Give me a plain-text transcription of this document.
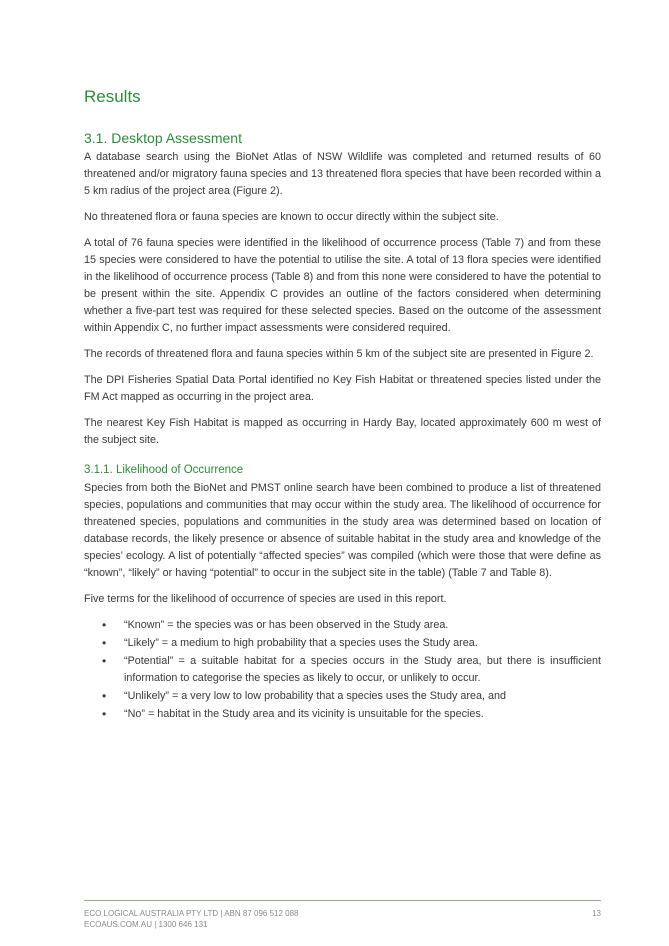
Results
3.1. Desktop Assessment

A database search using the BioNet Atlas of NSW Wildlife was completed and returned results of 60 threatened and/or migratory fauna species and 13 threatened flora species that have been recorded within a 5 km radius of the project area (Figure 2).

No threatened flora or fauna species are known to occur directly within the subject site.

A total of 76 fauna species were identified in the likelihood of occurrence process (Table 7) and from these 15 species were considered to have the potential to utilise the site. A total of 13 flora species were identified in the likelihood of occurrence process (Table 8) and from this none were considered to have the potential to be present within the site. Appendix C provides an outline of the factors considered when determining whether a five-part test was required for these selected species. Based on the outcome of the assessment within Appendix C, no further impact assessments were considered required.

The records of threatened flora and fauna species within 5 km of the subject site are presented in Figure 2.

The DPI Fisheries Spatial Data Portal identified no Key Fish Habitat or threatened species listed under the FM Act mapped as occurring in the project area.

The nearest Key Fish Habitat is mapped as occurring in Hardy Bay, located approximately 600 m west of the subject site.

3.1.1. Likelihood of Occurrence

Species from both the BioNet and PMST online search have been combined to produce a list of threatened species, populations and communities that may occur within the study area. The likelihood of occurrence for threatened species, populations and communities in the study area was determined based on location of database records, the likely presence or absence of suitable habitat in the study area and knowledge of the species’ ecology. A list of potentially “affected species” was compiled (which were those that were define as “known”, “likely” or having “potential” to occur in the subject site in the table) (Table 7 and Table 8).

Five terms for the likelihood of occurrence of species are used in this report.

• “Known” = the species was or has been observed in the Study area.
• “Likely” = a medium to high probability that a species uses the Study area.
• “Potential” = a suitable habitat for a species occurs in the Study area, but there is insufficient information to categorise the species as likely to occur, or unlikely to occur.
• “Unlikely” = a very low to low probability that a species uses the Study area, and
• “No” = habitat in the Study area and its vicinity is unsuitable for the species.
ECO LOGICAL AUSTRALIA PTY LTD | ABN 87 096 512 088
ECOAUS.COM.AU | 1300 646 131
13
